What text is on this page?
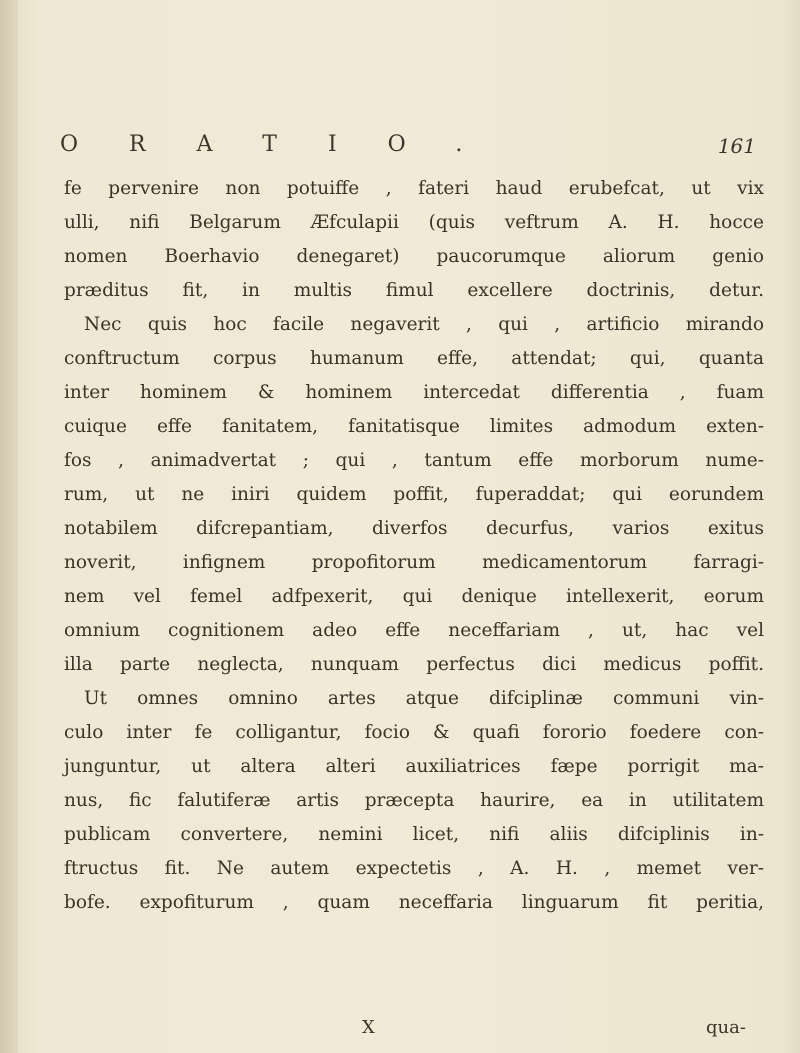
ORATIO.	161
fe pervenire non potuiffe , fateri haud erubefcat, ut vix
ulli, nifi Belgarum Æfculapii (quis veftrum A. H. hocce
nomen Boerhavio denegaret) paucorumque aliorum genio
præditus fit, in multis fimul excellere doctrinis, detur.
Nec quis hoc facile negaverit , qui , artificio mirando
conftructum corpus humanum effe, attendat; qui, quanta
inter hominem & hominem intercedat differentia , fuam
cuique effe fanitatem, fanitatisque limites admodum exten-
fos , animadvertat ; qui , tantum effe morborum nume-
rum, ut ne iniri quidem poffit, fuperaddat; qui eorundem
notabilem difcrepantiam, diverfos decurfus, varios exitus
noverit, infignem propofitorum medicamentorum farragi-
nem vel femel adfpexerit, qui denique intellexerit, eorum
omnium cognitionem adeo effe neceffariam , ut, hac vel
illa parte neglecta, nunquam perfectus dici medicus poffit.
Ut omnes omnino artes atque difciplinæ communi vin-
culo inter fe colligantur, focio & quafi fororio foedere con-
junguntur, ut altera alteri auxiliatrices fæpe porrigit ma-
nus, fic falutiferæ artis præcepta haurire, ea in utilitatem
publicam convertere, nemini licet, nifi aliis difciplinis in-
ftructus fit. Ne autem expectetis , A. H. , memet ver-
bofe. expofiturum , quam neceffaria linguarum fit peritia,
X	qua-
